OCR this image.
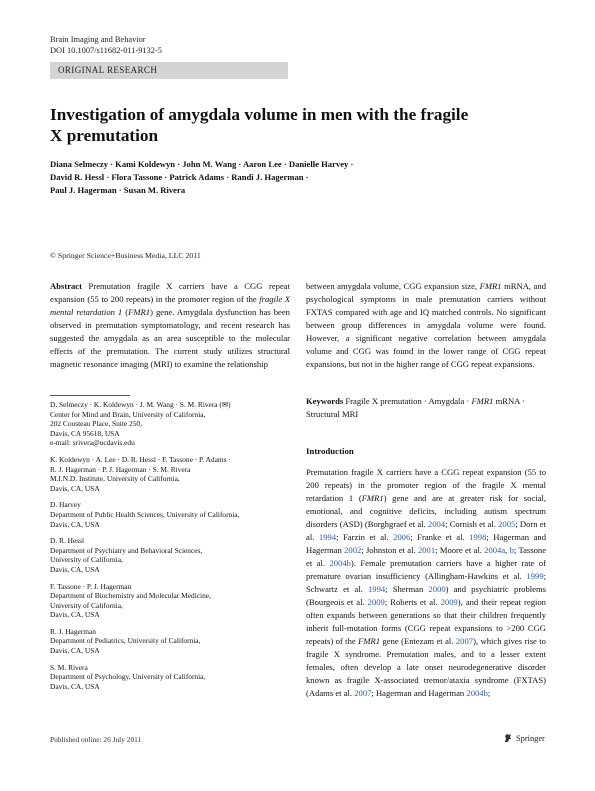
Brain Imaging and Behavior
DOI 10.1007/s11682-011-9132-5
ORIGINAL RESEARCH
Investigation of amygdala volume in men with the fragile
X premutation
Diana Selmeczy · Kami Koldewyn · John M. Wang · Aaron Lee · Danielle Harvey ·
David R. Hessl · Flora Tassone · Patrick Adams · Randi J. Hagerman ·
Paul J. Hagerman · Susan M. Rivera
© Springer Science+Business Media, LLC 2011
Abstract Premutation fragile X carriers have a CGG repeat expansion (55 to 200 repeats) in the promoter region of the fragile X mental retardation 1 (FMR1) gene. Amygdala dysfunction has been observed in premutation symptomatology, and recent research has suggested the amygdala as an area susceptible to the molecular effects of the premutation. The current study utilizes structural magnetic resonance imaging (MRI) to examine the relationship
between amygdala volume, CGG expansion size, FMR1 mRNA, and psychological symptoms in male premutation carriers without FXTAS compared with age and IQ matched controls. No significant between group differences in amygdala volume were found. However, a significant negative correlation between amygdala volume and CGG was found in the lower range of CGG repeat expansions, but not in the higher range of CGG repeat expansions.
Keywords Fragile X premutation · Amygdala · FMR1 mRNA · Structural MRI
D. Selmeczy · K. Koldewyn · J. M. Wang · S. M. Rivera (✉)
Center for Mind and Brain, University of California,
202 Cousteau Place, Suite 250,
Davis, CA 95618, USA
e-mail: srivera@ucdavis.edu
K. Koldewyn · A. Lee · D. R. Hessl · F. Tassone · P. Adams ·
R. J. Hagerman · P. J. Hagerman · S. M. Rivera
M.I.N.D. Institute, University of California,
Davis, CA, USA
D. Harvey
Department of Public Health Sciences, University of California,
Davis, CA, USA
D. R. Hessl
Department of Psychiatry and Behavioral Sciences,
University of California,
Davis, CA, USA
F. Tassone · P. J. Hagerman
Department of Biochemistry and Molecular Medicine,
University of California,
Davis, CA, USA
R. J. Hagerman
Department of Pediatrics, University of California,
Davis, CA, USA
S. M. Rivera
Department of Psychology, University of California,
Davis, CA, USA
Introduction
Premutation fragile X carriers have a CGG repeat expansion (55 to 200 repeats) in the promoter region of the fragile X mental retardation 1 (FMR1) gene and are at greater risk for social, emotional, and cognitive deficits, including autism spectrum disorders (ASD) (Borghgraef et al. 2004; Cornish et al. 2005; Dorn et al. 1994; Farzin et al. 2006; Franke et al. 1998; Hagerman and Hagerman 2002; Johnston et al. 2001; Moore et al. 2004a, b; Tassone et al. 2004b). Female premutation carriers have a higher rate of premature ovarian insufficiency (Allingham-Hawkins et al. 1999; Schwartz et al. 1994; Sherman 2000) and psychiatric problems (Bourgeois et al. 2009; Roberts et al. 2009), and their repeat region often expands between generations so that their children frequently inherit full-mutation forms (CGG repeat expansions to >200 CGG repeats) of the FMR1 gene (Entezam et al. 2007), which gives rise to fragile X syndrome. Premutation males, and to a lesser extent females, often develop a late onset neurodegenerative disorder known as fragile X-associated tremor/ataxia syndrome (FXTAS) (Adams et al. 2007; Hagerman and Hagerman 2004b;
Published online: 26 July 2011	Springer
